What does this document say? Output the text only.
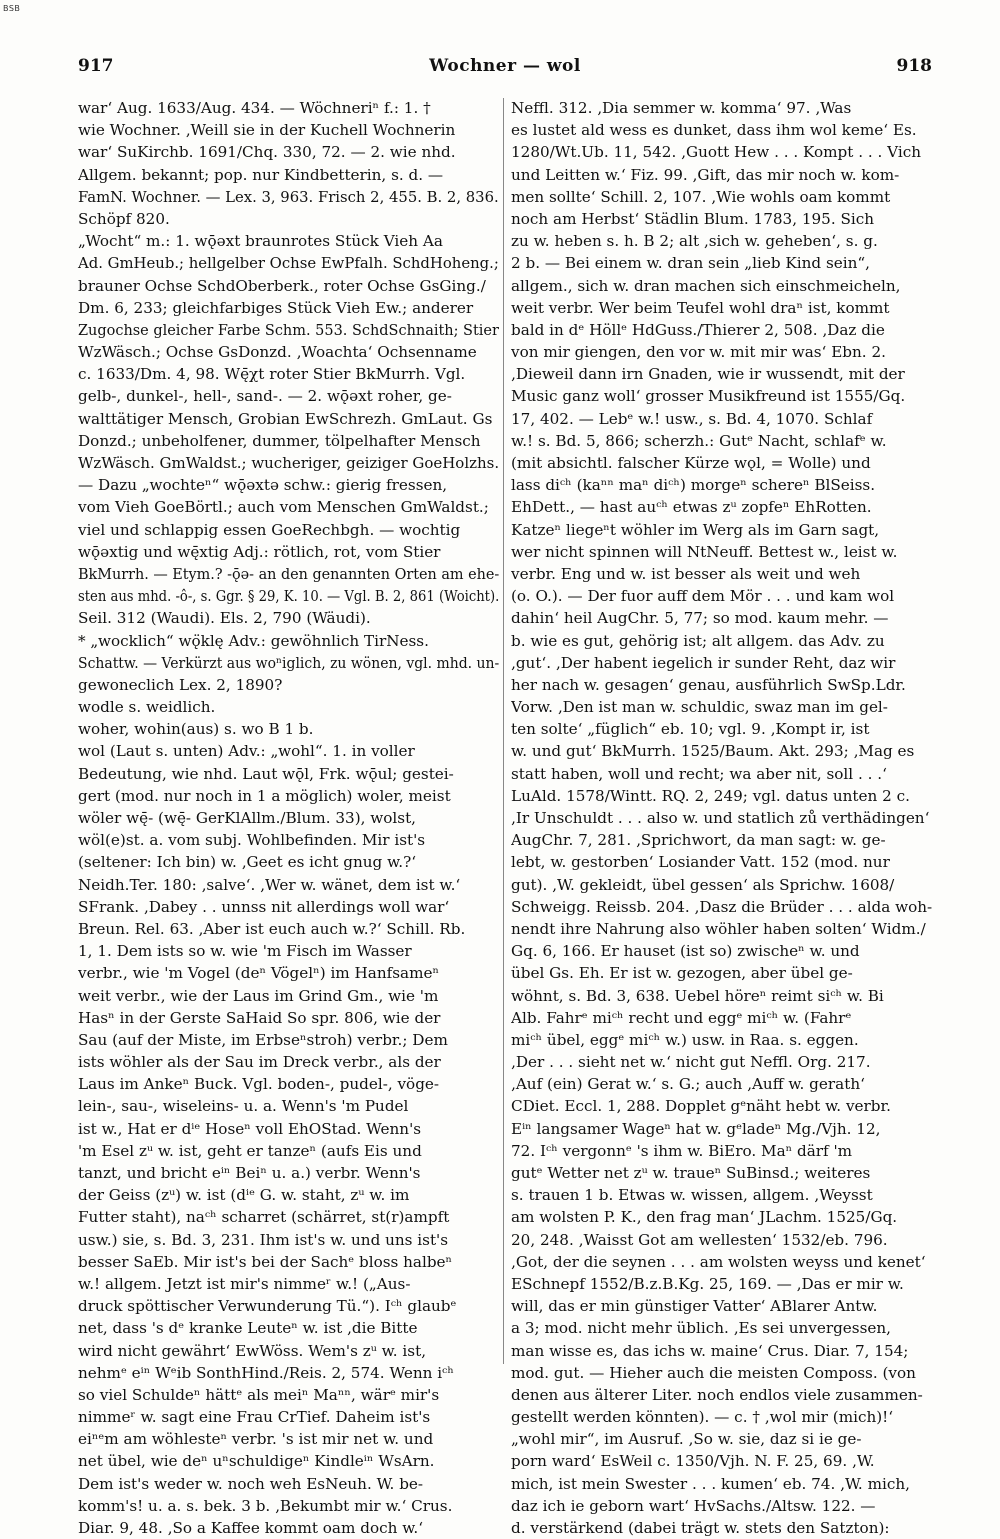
BSB
917	Wochner — wol	918
war‘ Aug. 1633/Aug. 434. — Wöchneriⁿ f.: 1. †
wie Wochner. ‚Weill sie in der Kuchell Wochnerin
war‘ SuKirchb. 1691/Chq. 330, 72. — 2. wie nhd.
Allgem. bekannt; pop. nur Kindbetterin, s. d. —
FamN. Wochner. — Lex. 3, 963. Frisch 2, 455. B. 2, 836.
Schöpf 820.
„Wocht“ m.: 1. wǭəxt braunrotes Stück Vieh Aa
Ad. GmHeub.; hellgelber Ochse EwPfalh. SchdHoheng.;
brauner Ochse SchdOberberk., roter Ochse GsGing./
Dm. 6, 233; gleichfarbiges Stück Vieh Ew.; anderer
Zugochse gleicher Farbe Schm. 553. SchdSchnaith; Stier
WzWäsch.; Ochse GsDonzd. ‚Woachta‘ Ochsenname
c. 1633/Dm. 4, 98. Wę̄χt roter Stier BkMurrh. Vgl.
gelb-, dunkel-, hell-, sand-. — 2. wǭəxt roher, ge-
walttätiger Mensch, Grobian EwSchrezh. GmLaut. Gs
Donzd.; unbeholfener, dummer, tölpelhafter Mensch
WzWäsch. GmWaldst.; wucheriger, geiziger GoeHolzhs.
— Dazu „wochteⁿ“ wǭəxtə schw.: gierig fressen,
vom Vieh GoeBörtl.; auch vom Menschen GmWaldst.;
viel und schlappig essen GoeRechbgh. — wochtig
wǭəxtig und wę̄xtig Adj.: rötlich, rot, vom Stier
BkMurrh. — Etym.? -ǭə- an den genannten Orten am ehe-
sten aus mhd. -ô-, s. Ggr. § 29, K. 10. — Vgl. B. 2, 861 (Woicht).
Seil. 312 (Waudi). Els. 2, 790 (Wäudi).
* „wocklich“ wǫ̈klę Adv.: gewöhnlich TirNess.
Schattw. — Verkürzt aus woⁿiglich, zu wönen, vgl. mhd. un-
gewoneclich Lex. 2, 1890?
wodle s. weidlich.
woher, wohin(aus) s. wo B 1 b.
wol (Laut s. unten) Adv.: „wohl“. 1. in voller
Bedeutung, wie nhd. Laut wǭl, Frk. wǭul; gestei-
gert (mod. nur noch in 1 a möglich) woler, meist
wöler wę̄- (wę̄- GerKlAllm./Blum. 33), wolst,
wöl(e)st. a. vom subj. Wohlbefinden. Mir ist's
(seltener: Ich bin) w. ‚Geet es icht gnug w.?‘
Neidh.Ter. 180: ‚salve‘. ‚Wer w. wänet, dem ist w.‘
SFrank. ‚Dabey . . unnss nit allerdings woll war‘
Breun. Rel. 63. ‚Aber ist euch auch w.?‘ Schill. Rb.
1, 1. Dem ists so w. wie 'm Fisch im Wasser
verbr., wie 'm Vogel (deⁿ Vögelⁿ) im Hanfsameⁿ
weit verbr., wie der Laus im Grind Gm., wie 'm
Hasⁿ in der Gerste SaHaid So spr. 806, wie der
Sau (auf der Miste, im Erbseⁿstroh) verbr.; Dem
ists wöhler als der Sau im Dreck verbr., als der
Laus im Ankeⁿ Buck. Vgl. boden-, pudel-, vöge-
lein-, sau-, wiseleins- u. a. Wenn's 'm Pudel
ist w., Hat er dⁱᵉ Hoseⁿ voll EhOStad. Wenn's
'm Esel zᵘ w. ist, geht er tanzeⁿ (aufs Eis und
tanzt, und bricht eⁱⁿ Beiⁿ u. a.) verbr. Wenn's
der Geiss (zᵘ) w. ist (dⁱᵉ G. w. staht, zᵘ w. im
Futter staht), naᶜʰ scharret (schärret, st(r)ampft
usw.) sie, s. Bd. 3, 231. Ihm ist's w. und uns ist's
besser SaEb. Mir ist's bei der Sachᵉ bloss halbeⁿ
w.! allgem. Jetzt ist mir's nimmeʳ w.! („Aus-
druck spöttischer Verwunderung Tü.“). Iᶜʰ glaubᵉ
net, dass 's dᵉ kranke Leuteⁿ w. ist ‚die Bitte
wird nicht gewährt‘ EwWöss. Wem's zᵘ w. ist,
nehmᵉ eⁱⁿ Wᵉib SonthHind./Reis. 2, 574. Wenn iᶜʰ
so viel Schuldeⁿ hättᵉ als meiⁿ Maⁿⁿ, wärᵉ mir's
nimmeʳ w. sagt eine Frau CrTief. Daheim ist's
eiⁿᵉm am wöhlesteⁿ verbr. 's ist mir net w. und
net übel, wie deⁿ uⁿschuldigeⁿ Kindleⁱⁿ WsArn.
Dem ist's weder w. noch weh EsNeuh. W. be-
komm's! u. a. s. bek. 3 b. ‚Bekumbt mir w.‘ Crus.
Diar. 9, 48. ‚So a Kaffee kommt oam doch w.‘
Neffl. 312. ‚Dia semmer w. komma‘ 97. ‚Was
es lustet ald wess es dunket, dass ihm wol keme‘ Es.
1280/Wt.Ub. 11, 542. ‚Guott Hew . . . Kompt . . . Vich
und Leitten w.‘ Fiz. 99. ‚Gift, das mir noch w. kom-
men sollte‘ Schill. 2, 107. ‚Wie wohls oam kommt
noch am Herbst‘ Städlin Blum. 1783, 195. Sich
zu w. heben s. h. B 2; alt ‚sich w. geheben‘, s. g.
2 b. — Bei einem w. dran sein „lieb Kind sein“,
allgem., sich w. dran machen sich einschmeicheln,
weit verbr. Wer beim Teufel wohl draⁿ ist, kommt
bald in dᵉ Höllᵉ HdGuss./Thierer 2, 508. ‚Daz die
von mir giengen, den vor w. mit mir was‘ Ebn. 2.
‚Dieweil dann irn Gnaden, wie ir wussendt, mit der
Music ganz woll‘ grosser Musikfreund ist 1555/Gq.
17, 402. — Lebᵉ w.! usw., s. Bd. 4, 1070. Schlaf
w.! s. Bd. 5, 866; scherzh.: Gutᵉ Nacht, schlafᵉ w.
(mit absichtl. falscher Kürze wǫl, = Wolle) und
lass diᶜʰ (kaⁿⁿ maⁿ diᶜʰ) morgeⁿ schereⁿ BlSeiss.
EhDett., — hast auᶜʰ etwas zᵘ zopfeⁿ EhRotten.
Katzeⁿ liegeⁿt wöhler im Werg als im Garn sagt,
wer nicht spinnen will NtNeuff. Bettest w., leist w.
verbr. Eng und w. ist besser als weit und weh
(o. O.). — Der fuor auff dem Mör . . . und kam wol
dahin‘ heil AugChr. 5, 77; so mod. kaum mehr. —
b. wie es gut, gehörig ist; alt allgem. das Adv. zu
‚gut‘. ‚Der habent iegelich ir sunder Reht, daz wir
her nach w. gesagen‘ genau, ausführlich SwSp.Ldr.
Vorw. ‚Den ist man w. schuldic, swaz man im gel-
ten solte‘ „füglich“ eb. 10; vgl. 9. ‚Kompt ir, ist
w. und gut‘ BkMurrh. 1525/Baum. Akt. 293; ‚Mag es
statt haben, woll und recht; wa aber nit, soll . . .‘
LuAld. 1578/Wintt. RQ. 2, 249; vgl. datus unten 2 c.
‚Ir Unschuldt . . . also w. und statlich zů verthädingen‘
AugChr. 7, 281. ‚Sprichwort, da man sagt: w. ge-
lebt, w. gestorben‘ Losiander Vatt. 152 (mod. nur
gut). ‚W. gekleidt, übel gessen‘ als Sprichw. 1608/
Schweigg. Reissb. 204. ‚Dasz die Brüder . . . alda woh-
nendt ihre Nahrung also wöhler haben solten‘ Widm./
Gq. 6, 166. Er hauset (ist so) zwischeⁿ w. und
übel Gs. Eh. Er ist w. gezogen, aber übel ge-
wöhnt, s. Bd. 3, 638. Uebel höreⁿ reimt siᶜʰ w. Bi
Alb. Fahrᵉ miᶜʰ recht und eggᵉ miᶜʰ w. (Fahrᵉ
miᶜʰ übel, eggᵉ miᶜʰ w.) usw. in Raa. s. eggen.
‚Der . . . sieht net w.‘ nicht gut Neffl. Org. 217.
‚Auf (ein) Gerat w.‘ s. G.; auch ‚Auff w. gerath‘
CDiet. Eccl. 1, 288. Dopplet gᵉnäht hebt w. verbr.
Eⁱⁿ langsamer Wageⁿ hat w. gᵉladeⁿ Mg./Vjh. 12,
72. Iᶜʰ vergonnᵉ 's ihm w. BiEro. Maⁿ därf 'm
gutᵉ Wetter net zᵘ w. traueⁿ SuBinsd.; weiteres
s. trauen 1 b. Etwas w. wissen, allgem. ‚Weysst
am wolsten P. K., den frag man‘ JLachm. 1525/Gq.
20, 248. ‚Waisst Got am wellesten‘ 1532/eb. 796.
‚Got, der die seynen . . . am wolsten weyss und kenet‘
ESchnepf 1552/B.z.B.Kg. 25, 169. — ‚Das er mir w.
will, das er min günstiger Vatter‘ ABlarer Antw.
a 3; mod. nicht mehr üblich. ‚Es sei unvergessen,
man wisse es, das ichs w. maine‘ Crus. Diar. 7, 154;
mod. gut. — Hieher auch die meisten Composs. (von
denen aus älterer Liter. noch endlos viele zusammen-
gestellt werden könnten). — c. † ‚wol mir (mich)!‘
„wohl mir“, im Ausruf. ‚So w. sie, daz si ie ge-
porn ward‘ EsWeil c. 1350/Vjh. N. F. 25, 69. ‚W.
mich, ist mein Swester . . . kumen‘ eb. 74. ‚W. mich,
daz ich ie geborn wart‘ HvSachs./Altsw. 122. —
d. verstärkend (dabei trägt w. stets den Satzton):
